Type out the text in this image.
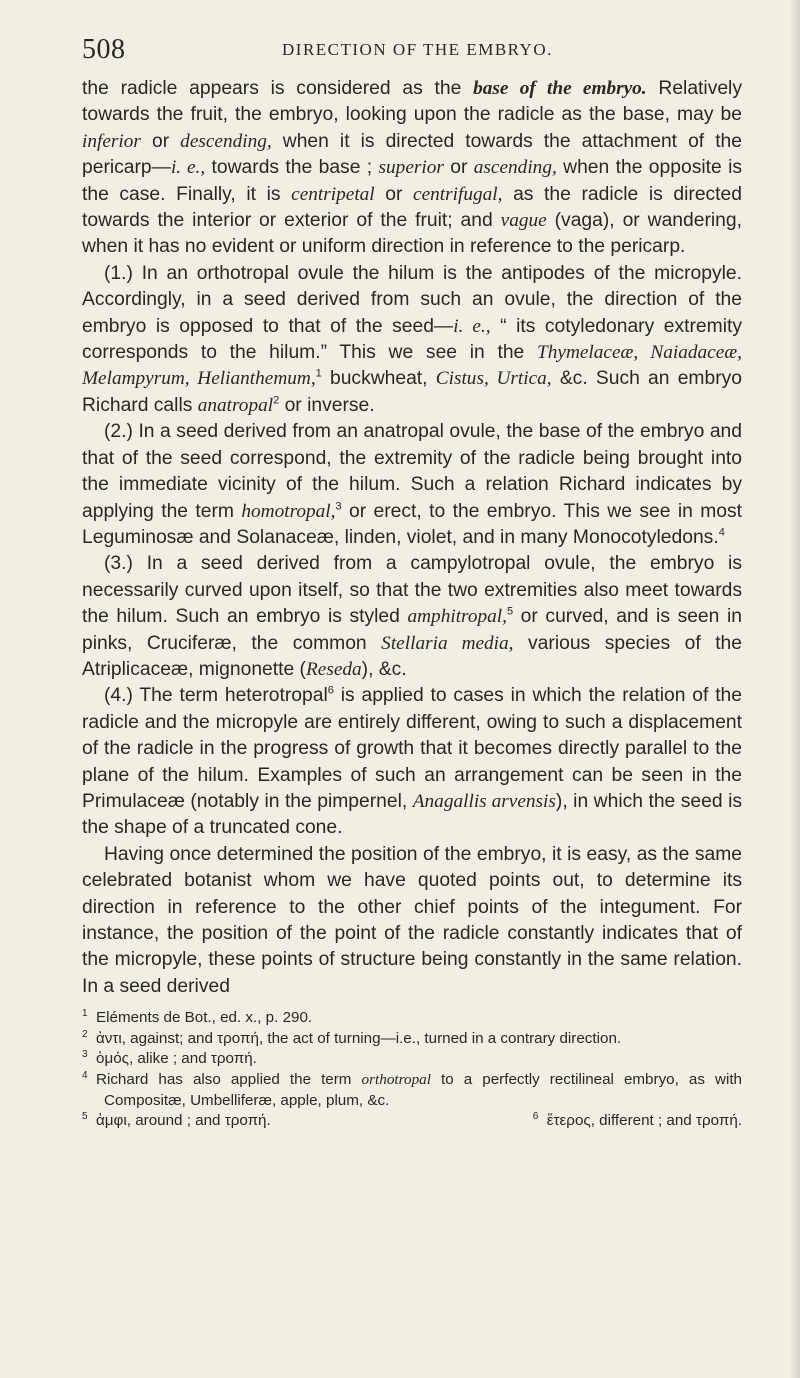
508	DIRECTION OF THE EMBRYO.

the radicle appears is considered as the base of the embryo. Relatively towards the fruit, the embryo, looking upon the radicle as the base, may be inferior or descending, when it is directed towards the attachment of the pericarp—i. e., towards the base ; superior or ascending, when the opposite is the case. Finally, it is centripetal or centrifugal, as the radicle is directed towards the interior or exterior of the fruit; and vague (vaga), or wandering, when it has no evident or uniform direction in reference to the pericarp.

(1.) In an orthotropal ovule the hilum is the antipodes of the micropyle. Accordingly, in a seed derived from such an ovule, the direction of the embryo is opposed to that of the seed—i. e., “ its cotyledonary extremity corresponds to the hilum.” This we see in the Thymelaceæ, Naiadaceæ, Melampyrum, Helianthemum,$^1$ buckwheat, Cistus, Urtica, &c. Such an embryo Richard calls anatropal$^2$ or inverse.

(2.) In a seed derived from an anatropal ovule, the base of the embryo and that of the seed correspond, the extremity of the radicle being brought into the immediate vicinity of the hilum. Such a relation Richard indicates by applying the term homotropal,$^3$ or erect, to the embryo. This we see in most Leguminosæ and Solanaceæ, linden, violet, and in many Monocotyledons.$^4$

(3.) In a seed derived from a campylotropal ovule, the embryo is necessarily curved upon itself, so that the two extremities also meet towards the hilum. Such an embryo is styled amphitropal,$^5$ or curved, and is seen in pinks, Cruciferæ, the common Stellaria media, various species of the Atriplicaceæ, mignonette (Reseda), &c.

(4.) The term heterotropal$^6$ is applied to cases in which the relation of the radicle and the micropyle are entirely different, owing to such a displacement of the radicle in the progress of growth that it becomes directly parallel to the plane of the hilum. Examples of such an arrangement can be seen in the Primulaceæ (notably in the pimpernel, Anagallis arvensis), in which the seed is the shape of a truncated cone.

Having once determined the position of the embryo, it is easy, as the same celebrated botanist whom we have quoted points out, to determine its direction in reference to the other chief points of the integument. For instance, the position of the point of the radicle constantly indicates that of the micropyle, these points of structure being constantly in the same relation. In a seed derived

1 Eléments de Bot., ed. x., p. 290.

2 ἀντι, against; and τροπή, the act of turning—i.e., turned in a contrary direction.

3 ὁμός, alike ; and τροπή.

4 Richard has also applied the term orthotropal to a perfectly rectilineal embryo, as with Compositæ, Umbelliferæ, apple, plum, &c.

5 ἀμφι, around ; and τροπή.	6 ἕτερος, different ; and τροπή.
